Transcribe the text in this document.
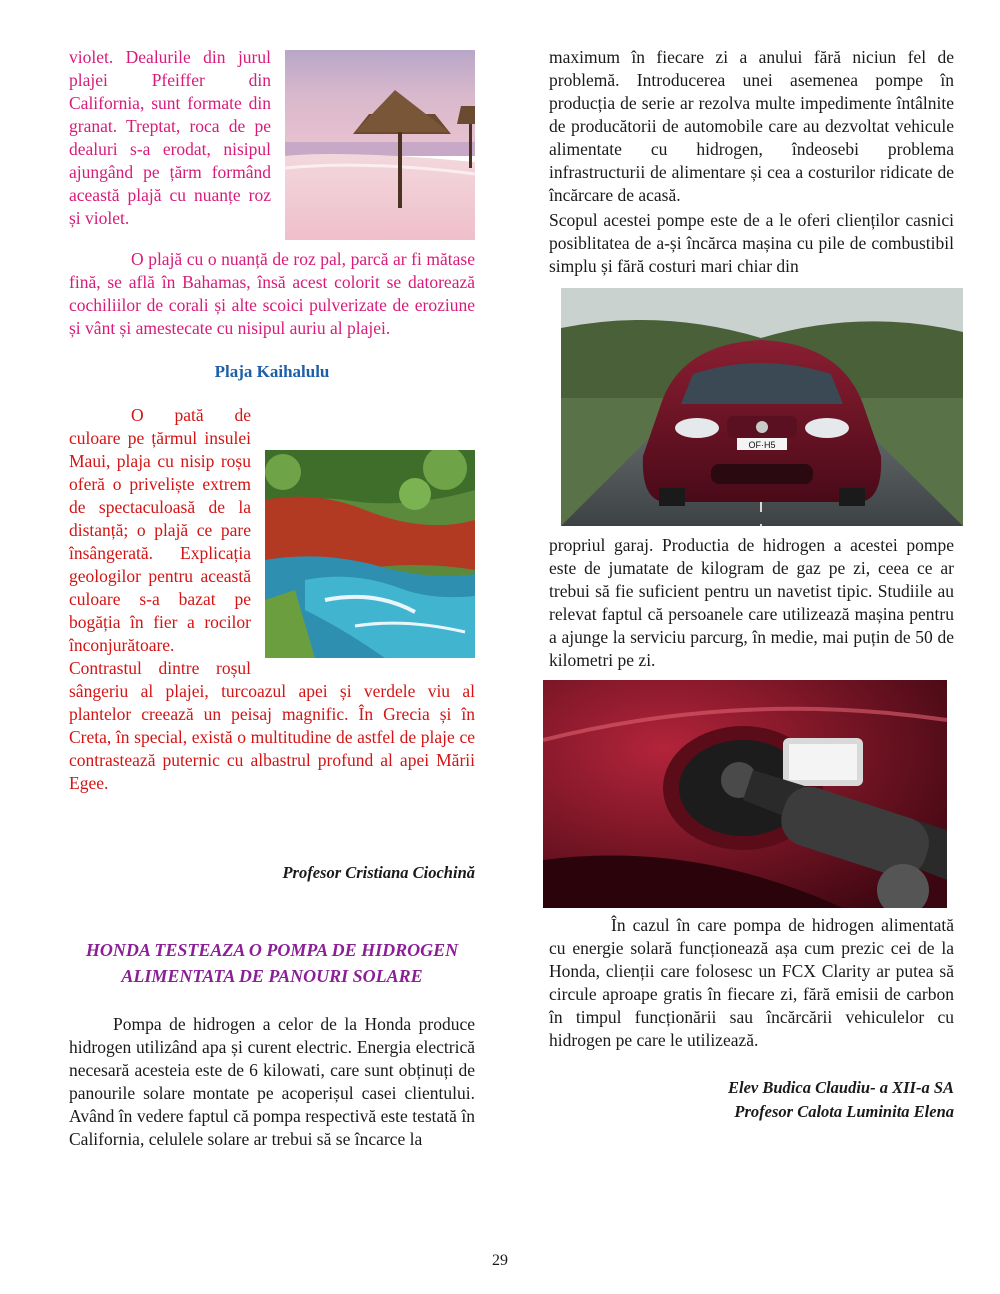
violet. Dealurile din jurul plajei Pfeiffer din California, sunt formate din granat. Treptat, roca de pe dealuri s-a erodat, nisipul ajungând pe țărm formând această plajă cu nuanțe roz și violet.

O plajă cu o nuanță de roz pal, parcă ar fi mătase fină, se află în Bahamas, însă acest colorit se datorează cochiliilor de corali și alte scoici pulverizate de eroziune și vânt și amestecate cu nisipul auriu al plajei.

Plaja Kaihalulu

O pată de culoare pe țărmul insulei Maui, plaja cu nisip roșu oferă o priveliște extrem de spectaculoasă de la distanță; o plajă ce pare însângerată. Explicația geologilor pentru această culoare s-a bazat pe bogăția în fier a rocilor înconjurătoare. Contrastul dintre roșul sângeriu al plajei, turcoazul apei și verdele viu al plantelor creează un peisaj magnific. În Grecia și în Creta, în special, există o multitudine de astfel de plaje ce contrastează puternic cu albastrul profund al apei Mării Egee.

Profesor Cristiana Ciochină
HONDA TESTEAZA O POMPA DE HIDROGEN ALIMENTATA DE PANOURI SOLARE

Pompa de hidrogen a celor de la Honda produce hidrogen utilizând apa și curent electric. Energia electrică necesară acesteia este de 6 kilowati, care sunt obținuți de panourile solare montate pe acoperișul casei clientului. Având în vedere faptul că pompa respectivă este testată în California, celulele solare ar trebui să se încarce la

maximum în fiecare zi a anului fără niciun fel de problemă. Introducerea unei asemenea pompe în producția de serie ar rezolva multe impedimente întâlnite de producătorii de automobile care au dezvoltat vehicule alimentate cu hidrogen, îndeosebi problema infrastructurii de alimentare și cea a costurilor ridicate de încărcare de acasă.

Scopul acestei pompe este de a le oferi clienților casnici posiblitatea de a-și încărca mașina cu pile de combustibil simplu și fără costuri mari chiar din

OF·H5

propriul garaj. Productia de hidrogen a acestei pompe este de jumatate de kilogram de gaz pe zi, ceea ce ar trebui să fie suficient pentru un navetist tipic. Studiile au relevat faptul că persoanele care utilizează mașina pentru a ajunge la serviciu parcurg, în medie, mai puțin de 50 de kilometri pe zi.

În cazul în care pompa de hidrogen alimentată cu energie solară funcționează așa cum prezic cei de la Honda, clienții care folosesc un FCX Clarity ar putea să circule aproape gratis în fiecare zi, fără emisii de carbon în timpul funcționării sau încărcării vehiculelor cu hidrogen pe care le utilizează.

Elev Budica Claudiu- a XII-a SA
Profesor Calota Luminita Elena
29
